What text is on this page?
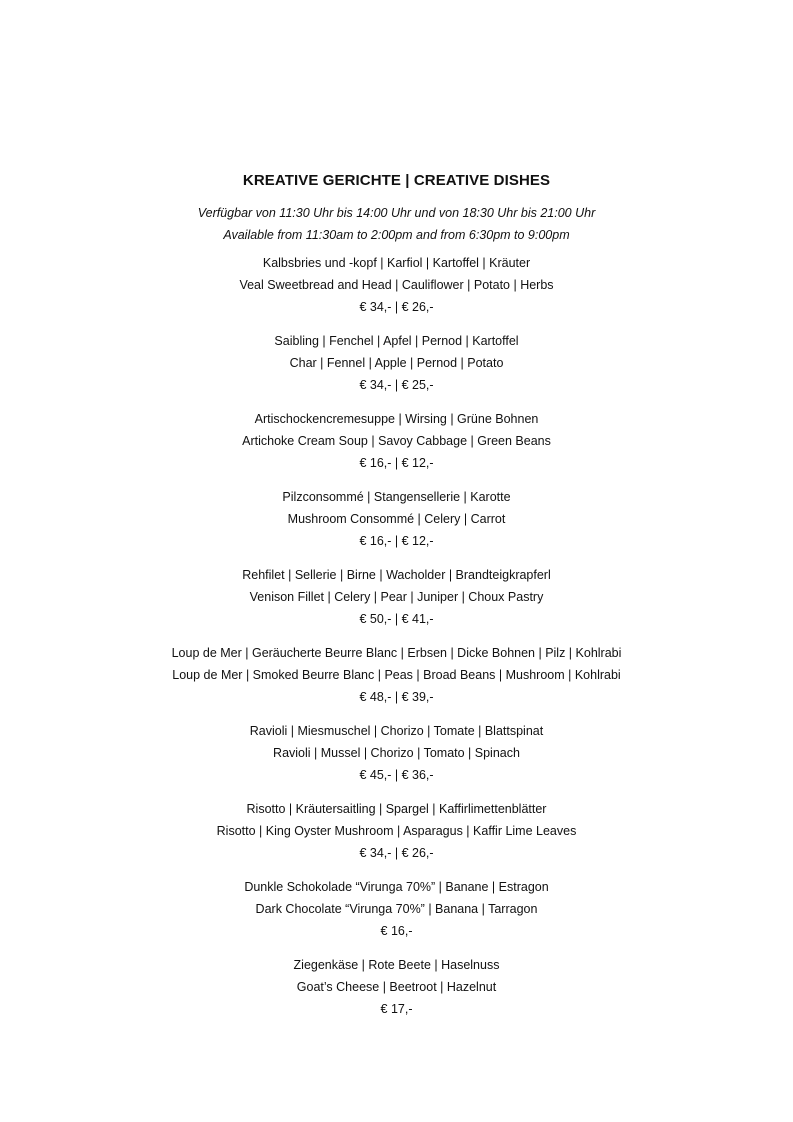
KREATIVE GERICHTE | CREATIVE DISHES
Verfügbar von 11:30 Uhr bis 14:00 Uhr und von 18:30 Uhr bis 21:00 Uhr
Available from 11:30am to 2:00pm and from 6:30pm to 9:00pm
Kalbsbries und -kopf | Karfiol | Kartoffel | Kräuter
Veal Sweetbread and Head | Cauliflower | Potato | Herbs
€ 34,- | € 26,-
Saibling | Fenchel | Apfel | Pernod | Kartoffel
Char | Fennel | Apple | Pernod | Potato
€ 34,- | € 25,-
Artischockencremesuppe | Wirsing | Grüne Bohnen
Artichoke Cream Soup | Savoy Cabbage | Green Beans
€ 16,- | € 12,-
Pilzconsommé | Stangensellerie | Karotte
Mushroom Consommé | Celery | Carrot
€ 16,- | € 12,-
Rehfilet | Sellerie | Birne | Wacholder | Brandteigkrapferl
Venison Fillet | Celery | Pear | Juniper | Choux Pastry
€ 50,- | € 41,-
Loup de Mer | Geräucherte Beurre Blanc | Erbsen | Dicke Bohnen | Pilz | Kohlrabi
Loup de Mer | Smoked Beurre Blanc | Peas | Broad Beans | Mushroom | Kohlrabi
€ 48,- | € 39,-
Ravioli | Miesmuschel | Chorizo | Tomate | Blattspinat
Ravioli | Mussel | Chorizo | Tomato | Spinach
€ 45,- | € 36,-
Risotto | Kräutersaitling | Spargel | Kaffirlimettenblätter
Risotto | King Oyster Mushroom | Asparagus | Kaffir Lime Leaves
€ 34,- | € 26,-
Dunkle Schokolade “Virunga 70%” | Banane | Estragon
Dark Chocolate “Virunga 70%” | Banana | Tarragon
€ 16,-
Ziegenkäse | Rote Beete | Haselnuss
Goat’s Cheese | Beetroot | Hazelnut
€ 17,-
